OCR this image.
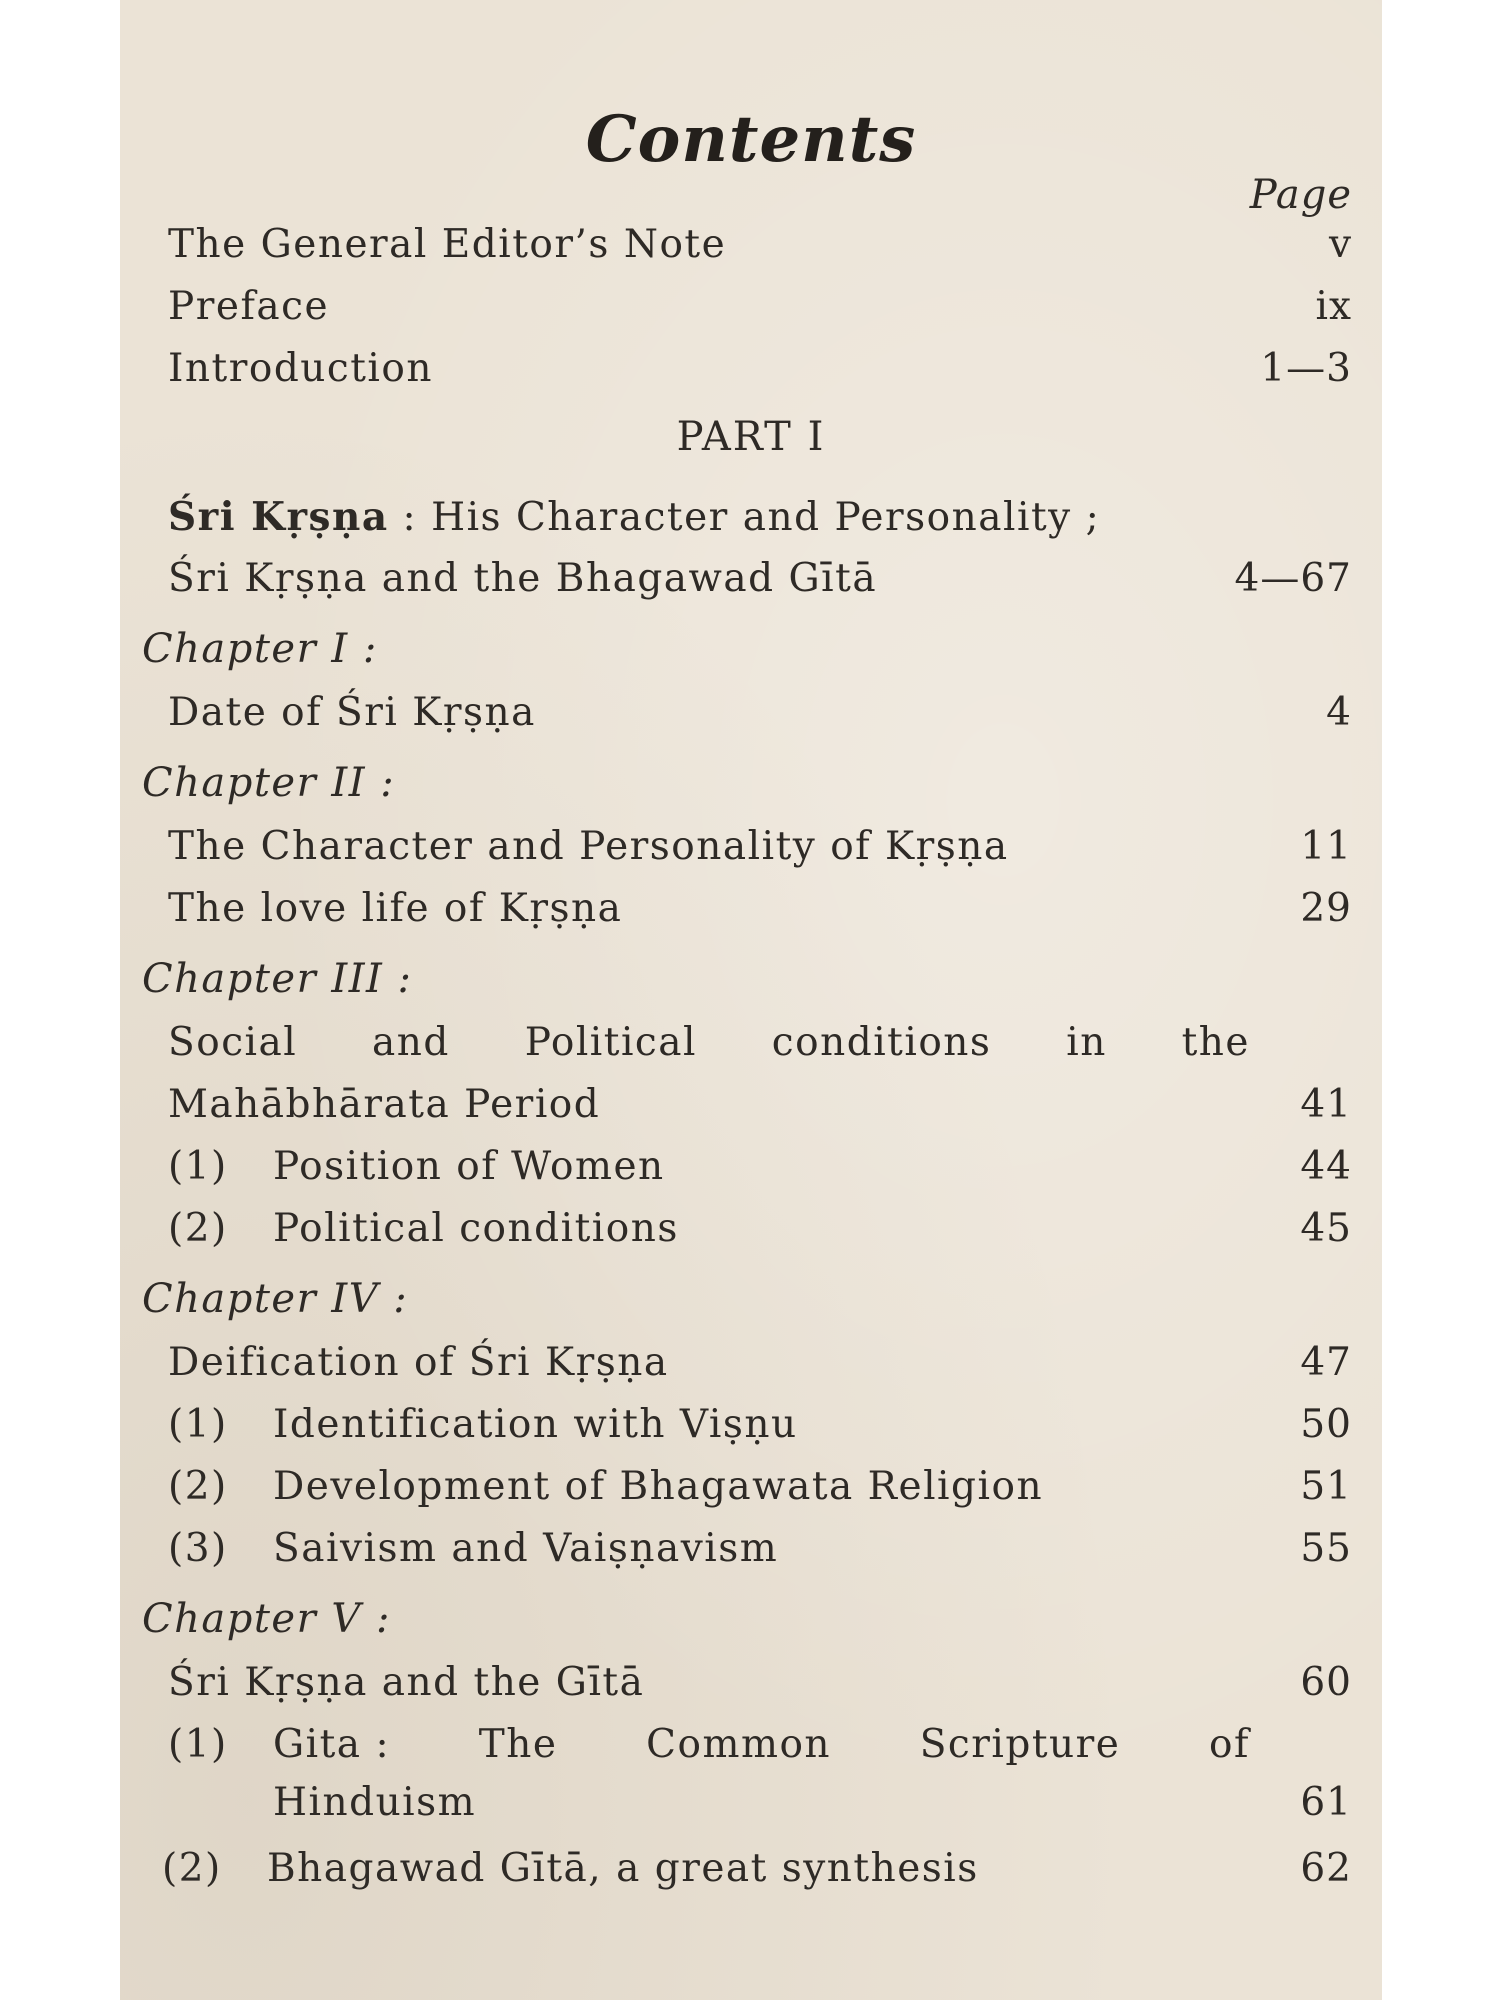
Contents
Page
The General Editor’s Note	v
Preface	ix
Introduction	1—3
PART I
Śri Kṛṣṇa : His Character and Personality ;
Śri Kṛṣṇa and the Bhagawad Gītā	4—67
Chapter I :
Date of Śri Kṛṣṇa	4
Chapter II :
The Character and Personality of Kṛṣṇa	11
The love life of Kṛṣṇa	29
Chapter III :
Social and Political conditions in the
Mahābhārata Period	41
(1) Position of Women	44
(2) Political conditions	45
Chapter IV :
Deification of Śri Kṛṣṇa	47
(1) Identification with Viṣṇu	50
(2) Development of Bhagawata Religion	51
(3) Saivism and Vaiṣṇavism	55
Chapter V :
Śri Kṛṣṇa and the Gītā	60
(1)	Gita : The Common Scripture of
Hinduism	61
(2) Bhagawad Gītā, a great synthesis	62
